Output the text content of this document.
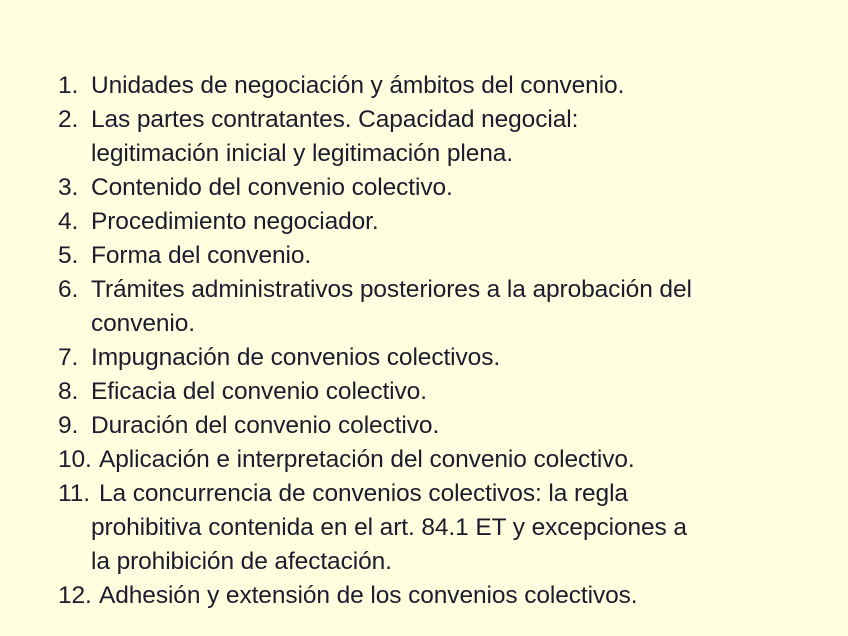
1. Unidades de negociación y ámbitos del convenio.
2. Las partes contratantes. Capacidad negocial:
legitimación inicial y legitimación plena.
3. Contenido del convenio colectivo.
4. Procedimiento negociador.
5. Forma del convenio.
6. Trámites administrativos posteriores a la aprobación del
convenio.
7. Impugnación de convenios colectivos.
8. Eficacia del convenio colectivo.
9. Duración del convenio colectivo.
10. Aplicación e interpretación del convenio colectivo.
11. La concurrencia de convenios colectivos: la regla
prohibitiva contenida en el art. 84.1 ET y excepciones a
la prohibición de afectación.
12. Adhesión y extensión de los convenios colectivos.
